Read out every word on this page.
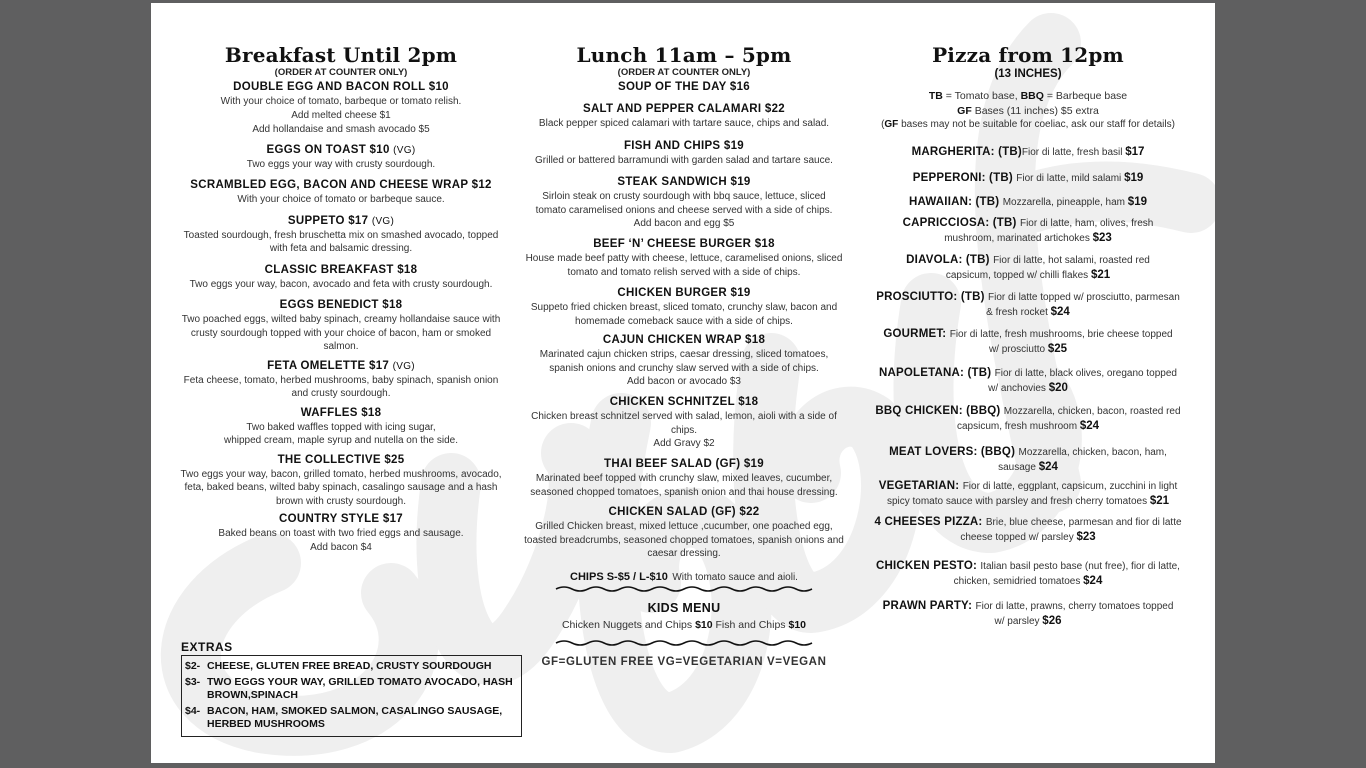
Breakfast Until 2pm

(ORDER AT COUNTER ONLY)

DOUBLE EGG AND BACON ROLL $10
With your choice of tomato, barbeque or tomato relish.
Add melted cheese $1
Add hollandaise and smash avocado $5
EGGS ON TOAST $10 (VG)
Two eggs your way with crusty sourdough.
SCRAMBLED EGG, BACON AND CHEESE WRAP $12
With your choice of tomato or barbeque sauce.
SUPPETO $17 (VG)
Toasted sourdough, fresh bruschetta mix on smashed avocado, topped
with feta and balsamic dressing.
CLASSIC BREAKFAST $18
Two eggs your way, bacon, avocado and feta with crusty sourdough.
EGGS BENEDICT $18
Two poached eggs, wilted baby spinach, creamy hollandaise sauce with
crusty sourdough topped with your choice of bacon, ham or smoked
salmon.
FETA OMELETTE $17 (VG)
Feta cheese, tomato, herbed mushrooms, baby spinach, spanish onion
and crusty sourdough.
WAFFLES $18
Two baked waffles topped with icing sugar,
whipped cream, maple syrup and nutella on the side.
THE COLLECTIVE $25
Two eggs your way, bacon, grilled tomato, herbed mushrooms, avocado,
feta, baked beans, wilted baby spinach, casalingo sausage and a hash
brown with crusty sourdough.
COUNTRY STYLE $17
Baked beans on toast with two fried eggs and sausage.
Add bacon $4
EXTRAS
$2- CHEESE, GLUTEN FREE BREAD, CRUSTY SOURDOUGH
$3- TWO EGGS YOUR WAY, GRILLED TOMATO AVOCADO, HASH BROWN,SPINACH
$4- BACON, HAM, SMOKED SALMON, CASALINGO SAUSAGE, HERBED MUSHROOMS
Lunch 11am – 5pm

(ORDER AT COUNTER ONLY)

SOUP OF THE DAY $16
SALT AND PEPPER CALAMARI $22
Black pepper spiced calamari with tartare sauce, chips and salad.
FISH AND CHIPS $19
Grilled or battered barramundi with garden salad and tartare sauce.
STEAK SANDWICH $19
Sirloin steak on crusty sourdough with bbq sauce, lettuce, sliced
tomato caramelised onions and cheese served with a side of chips.
Add bacon and egg $5
BEEF ‘N’ CHEESE BURGER $18
House made beef patty with cheese, lettuce, caramelised onions, sliced
tomato and tomato relish served with a side of chips.
CHICKEN BURGER $19
Suppeto fried chicken breast, sliced tomato, crunchy slaw, bacon and
homemade comeback sauce with a side of chips.
CAJUN CHICKEN WRAP $18
Marinated cajun chicken strips, caesar dressing, sliced tomatoes,
spanish onions and crunchy slaw served with a side of chips.
Add bacon or avocado $3
CHICKEN SCHNITZEL $18
Chicken breast schnitzel served with salad, lemon, aioli with a side of
chips.
Add Gravy $2
THAI BEEF SALAD (GF) $19
Marinated beef topped with crunchy slaw, mixed leaves, cucumber,
seasoned chopped tomatoes, spanish onion and thai house dressing.
CHICKEN SALAD (GF) $22
Grilled Chicken breast, mixed lettuce ,cucumber, one poached egg,
toasted breadcrumbs, seasoned chopped tomatoes, spanish onions and
caesar dressing.
CHIPS S-$5 / L-$10 With tomato sauce and aioli.
KIDS MENU
Chicken Nuggets and Chips $10 Fish and Chips $10
GF=GLUTEN FREE VG=VEGETARIAN V=VEGAN
Pizza from 12pm

(13 INCHES)

TB = Tomato base, BBQ = Barbeque base
GF Bases (11 inches) $5 extra
(GF bases may not be suitable for coeliac, ask our staff for details)
MARGHERITA: (TB)Fior di latte, fresh basil $17
PEPPERONI: (TB) Fior di latte, mild salami $19
HAWAIIAN: (TB) Mozzarella, pineapple, ham $19
CAPRICCIOSA: (TB) Fior di latte, ham, olives, fresh
mushroom, marinated artichokes $23
DIAVOLA: (TB) Fior di latte, hot salami, roasted red
capsicum, topped w/ chilli flakes $21
PROSCIUTTO: (TB) Fior di latte topped w/ prosciutto, parmesan
& fresh rocket $24
GOURMET: Fior di latte, fresh mushrooms, brie cheese topped
w/ prosciutto $25
NAPOLETANA: (TB) Fior di latte, black olives, oregano topped
w/ anchovies $20
BBQ CHICKEN: (BBQ) Mozzarella, chicken, bacon, roasted red
capsicum, fresh mushroom $24
MEAT LOVERS: (BBQ) Mozzarella, chicken, bacon, ham,
sausage $24
VEGETARIAN: Fior di latte, eggplant, capsicum, zucchini in light
spicy tomato sauce with parsley and fresh cherry tomatoes $21
4 CHEESES PIZZA: Brie, blue cheese, parmesan and fior di latte
cheese topped w/ parsley $23
CHICKEN PESTO: Italian basil pesto base (nut free), fior di latte,
chicken, semidried tomatoes $24
PRAWN PARTY: Fior di latte, prawns, cherry tomatoes topped
w/ parsley $26
